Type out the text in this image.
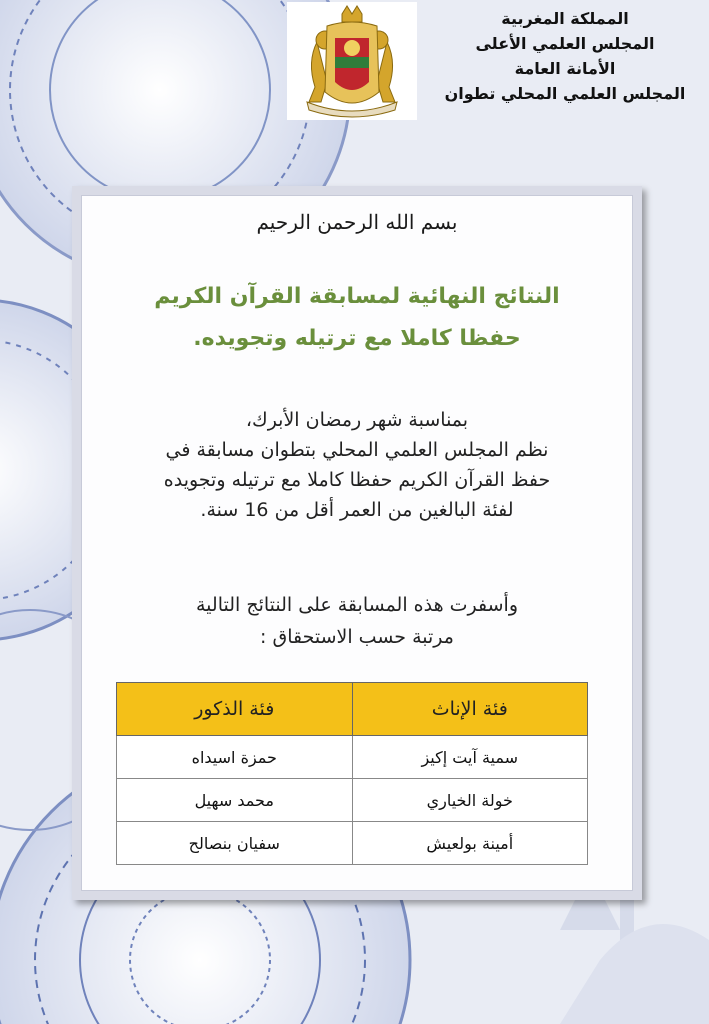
المملكة المغربية
المجلس العلمي الأعلى
الأمانة العامة
المجلس العلمي المحلي تطوان
بسم الله الرحمن الرحيم
النتائج النهائية لمسابقة القرآن الكريم
حفظا كاملا مع ترتيله وتجويده.
بمناسبة شهر رمضان الأبرك،
نظم المجلس العلمي المحلي بتطوان مسابقة في
حفظ القرآن الكريم حفظا كاملا مع ترتيله وتجويده
لفئة البالغين من العمر أقل من 16 سنة.
وأسفرت هذه المسابقة على النتائج التالية
مرتبة حسب الاستحقاق :
فئة الإناث	فئة الذكور
سمية آيت إكيز	حمزة اسيداه
خولة الخياري	محمد سهيل
أمينة بولعيش	سفيان بنصالح
